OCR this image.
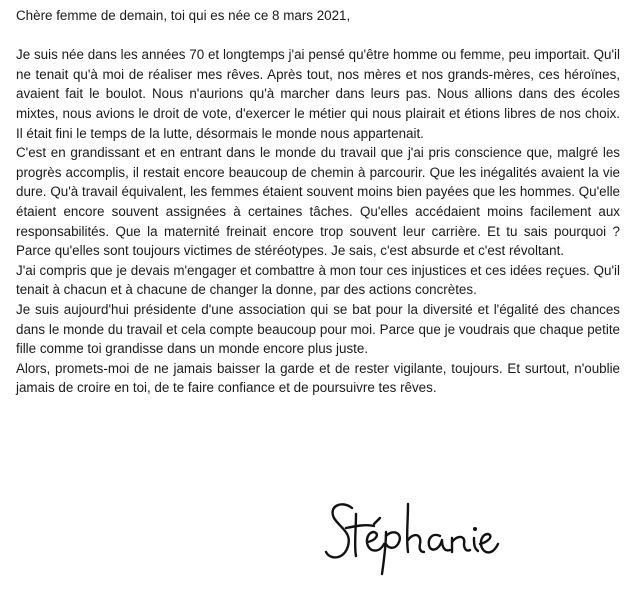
Chère femme de demain, toi qui es née ce 8 mars 2021,

Je suis née dans les années 70 et longtemps j'ai pensé qu'être homme ou femme, peu importait. Qu'il ne tenait qu'à moi de réaliser mes rêves. Après tout, nos mères et nos grands-mères, ces héroïnes, avaient fait le boulot. Nous n'aurions qu'à marcher dans leurs pas. Nous allions dans des écoles mixtes, nous avions le droit de vote, d'exercer le métier qui nous plairait et étions libres de nos choix. Il était fini le temps de la lutte, désormais le monde nous appartenait.

C'est en grandissant et en entrant dans le monde du travail que j'ai pris conscience que, malgré les progrès accomplis, il restait encore beaucoup de chemin à parcourir. Que les inégalités avaient la vie dure. Qu'à travail équivalent, les femmes étaient souvent moins bien payées que les hommes. Qu'elle étaient encore souvent assignées à certaines tâches. Qu'elles accédaient moins facilement aux responsabilités. Que la maternité freinait encore trop souvent leur carrière. Et tu sais pourquoi ? Parce qu'elles sont toujours victimes de stéréotypes. Je sais, c'est absurde et c'est révoltant.

J'ai compris que je devais m'engager et combattre à mon tour ces injustices et ces idées reçues. Qu'il tenait à chacun et à chacune de changer la donne, par des actions concrètes.

Je suis aujourd'hui présidente d'une association qui se bat pour la diversité et l'égalité des chances dans le monde du travail et cela compte beaucoup pour moi. Parce que je voudrais que chaque petite fille comme toi grandisse dans un monde encore plus juste.

Alors, promets-moi de ne jamais baisser la garde et de rester vigilante, toujours. Et surtout, n'oublie jamais de croire en toi, de te faire confiance et de poursuivre tes rêves.
